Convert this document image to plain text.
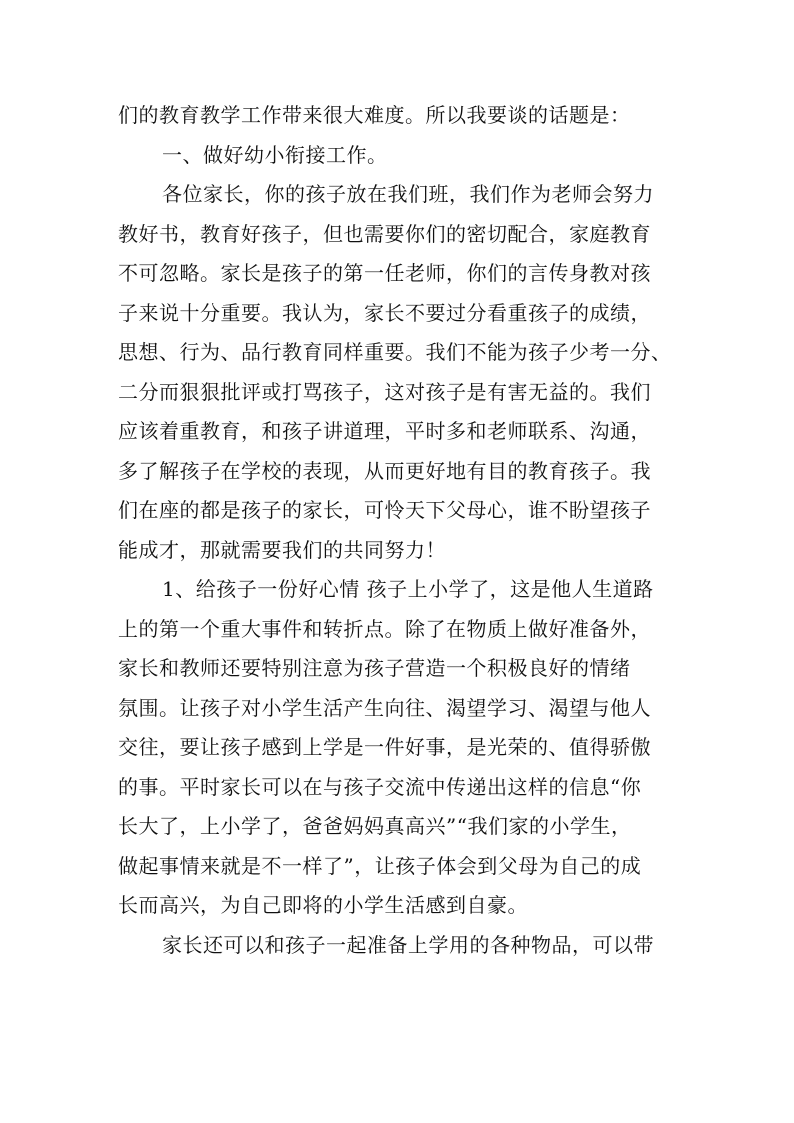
们的教育教学工作带来很大难度。所以我要谈的话题是：
一、做好幼小衔接工作。
各位家长，你的孩子放在我们班，我们作为老师会努力
教好书，教育好孩子，但也需要你们的密切配合，家庭教育
不可忽略。家长是孩子的第一任老师，你们的言传身教对孩
子来说十分重要。我认为，家长不要过分看重孩子的成绩，
思想、行为、品行教育同样重要。我们不能为孩子少考一分、
二分而狠狠批评或打骂孩子，这对孩子是有害无益的。我们
应该着重教育，和孩子讲道理，平时多和老师联系、沟通，
多了解孩子在学校的表现，从而更好地有目的教育孩子。我
们在座的都是孩子的家长，可怜天下父母心，谁不盼望孩子
能成才，那就需要我们的共同努力！
1、给孩子一份好心情 孩子上小学了，这是他人生道路
上的第一个重大事件和转折点。除了在物质上做好准备外，
家长和教师还要特别注意为孩子营造一个积极良好的情绪
氛围。让孩子对小学生活产生向往、渴望学习、渴望与他人
交往，要让孩子感到上学是一件好事，是光荣的、值得骄傲
的事。平时家长可以在与孩子交流中传递出这样的信息“你
长大了，上小学了，爸爸妈妈真高兴”“我们家的小学生，
做起事情来就是不一样了”，让孩子体会到父母为自己的成
长而高兴，为自己即将的小学生活感到自豪。
家长还可以和孩子一起准备上学用的各种物品，可以带
